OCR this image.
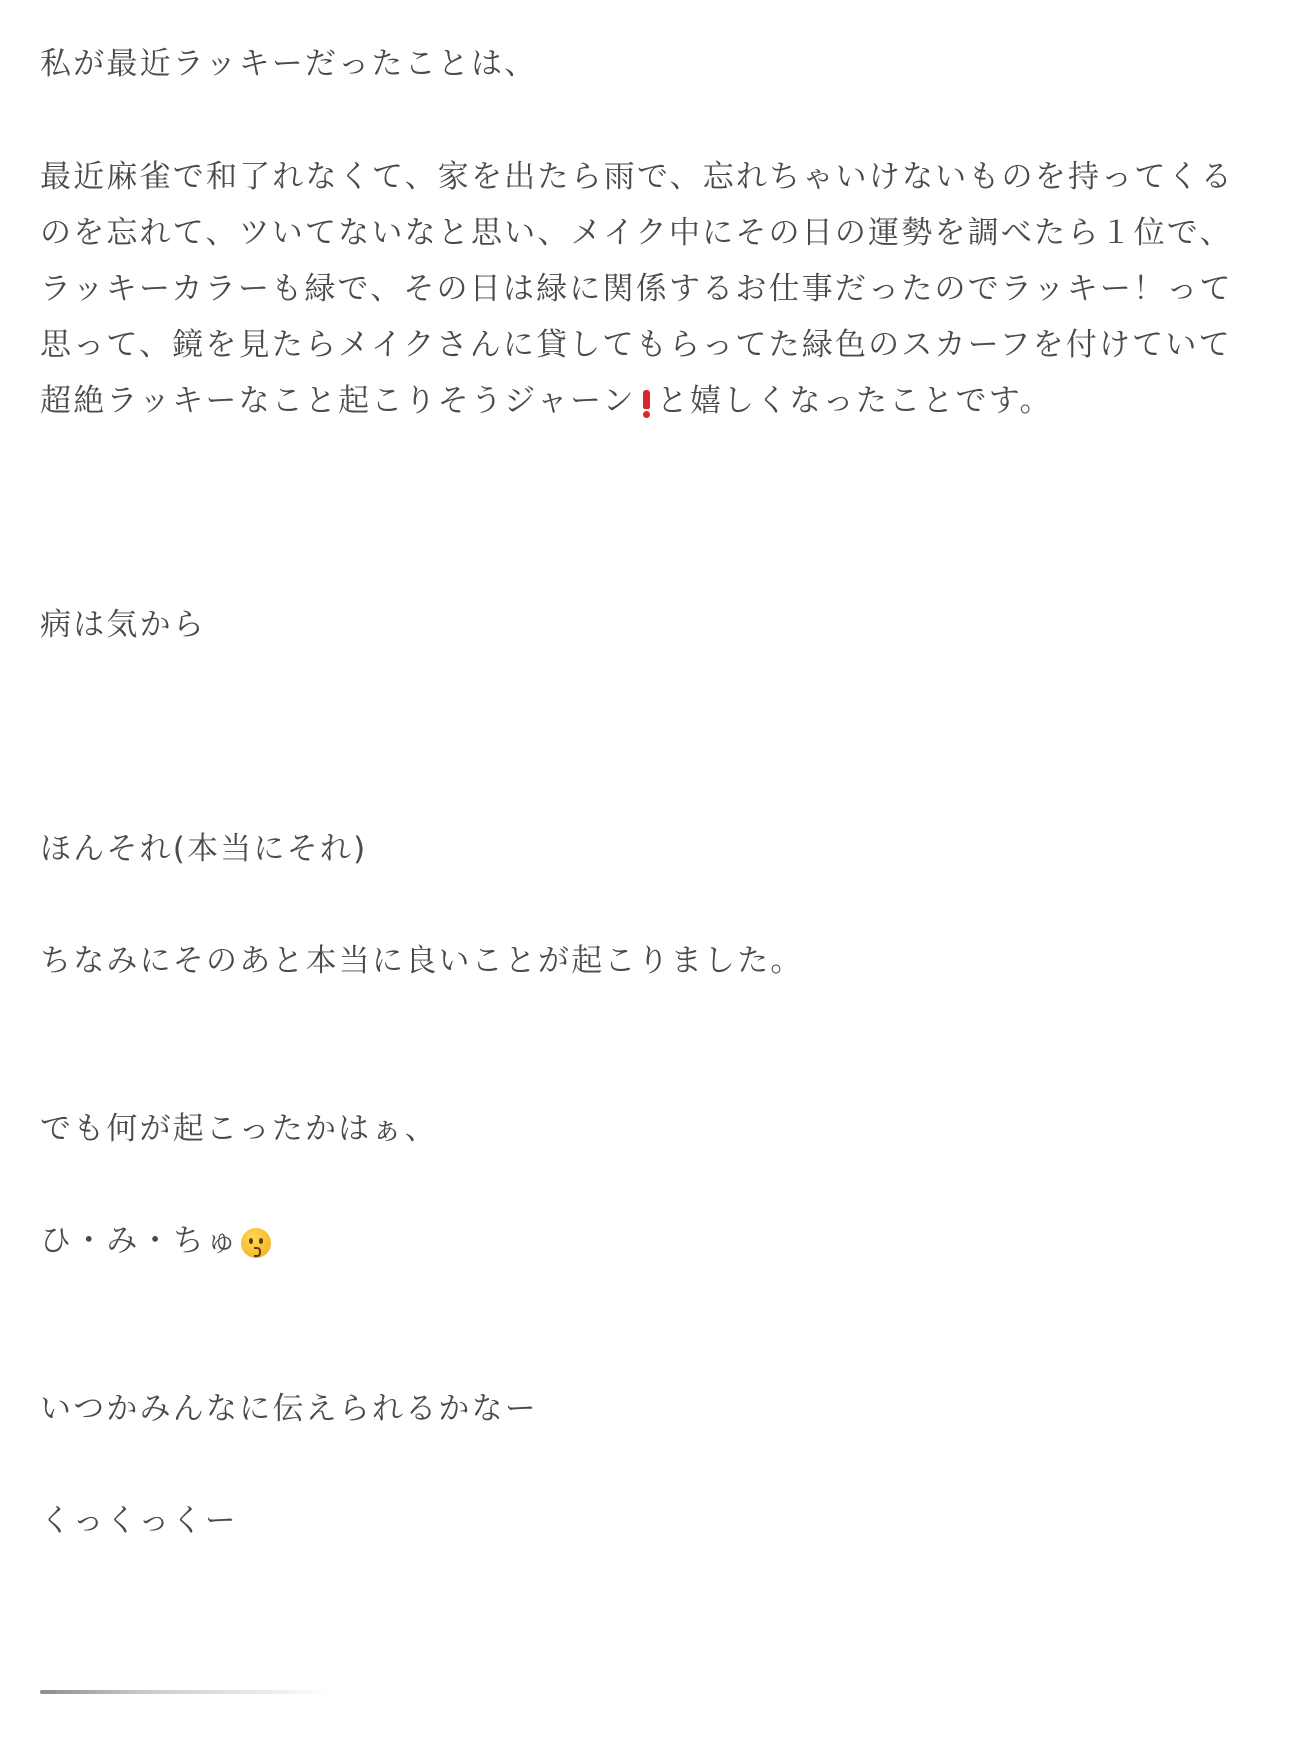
私が最近ラッキーだったことは、
最近麻雀で和了れなくて、家を出たら雨で、忘れちゃいけないものを持ってくる
のを忘れて、ツいてないなと思い、メイク中にその日の運勢を調べたら１位で、
ラッキーカラーも緑で、その日は緑に関係するお仕事だったのでラッキー！って
思って、鏡を見たらメイクさんに貸してもらってた緑色のスカーフを付けていて
超絶ラッキーなこと起こりそうジャーン と嬉しくなったことです。
病は気から
ほんそれ(本当にそれ)
ちなみにそのあと本当に良いことが起こりました。
でも何が起こったかはぁ、
ひ・み・ちゅ
いつかみんなに伝えられるかなー
くっくっくー
